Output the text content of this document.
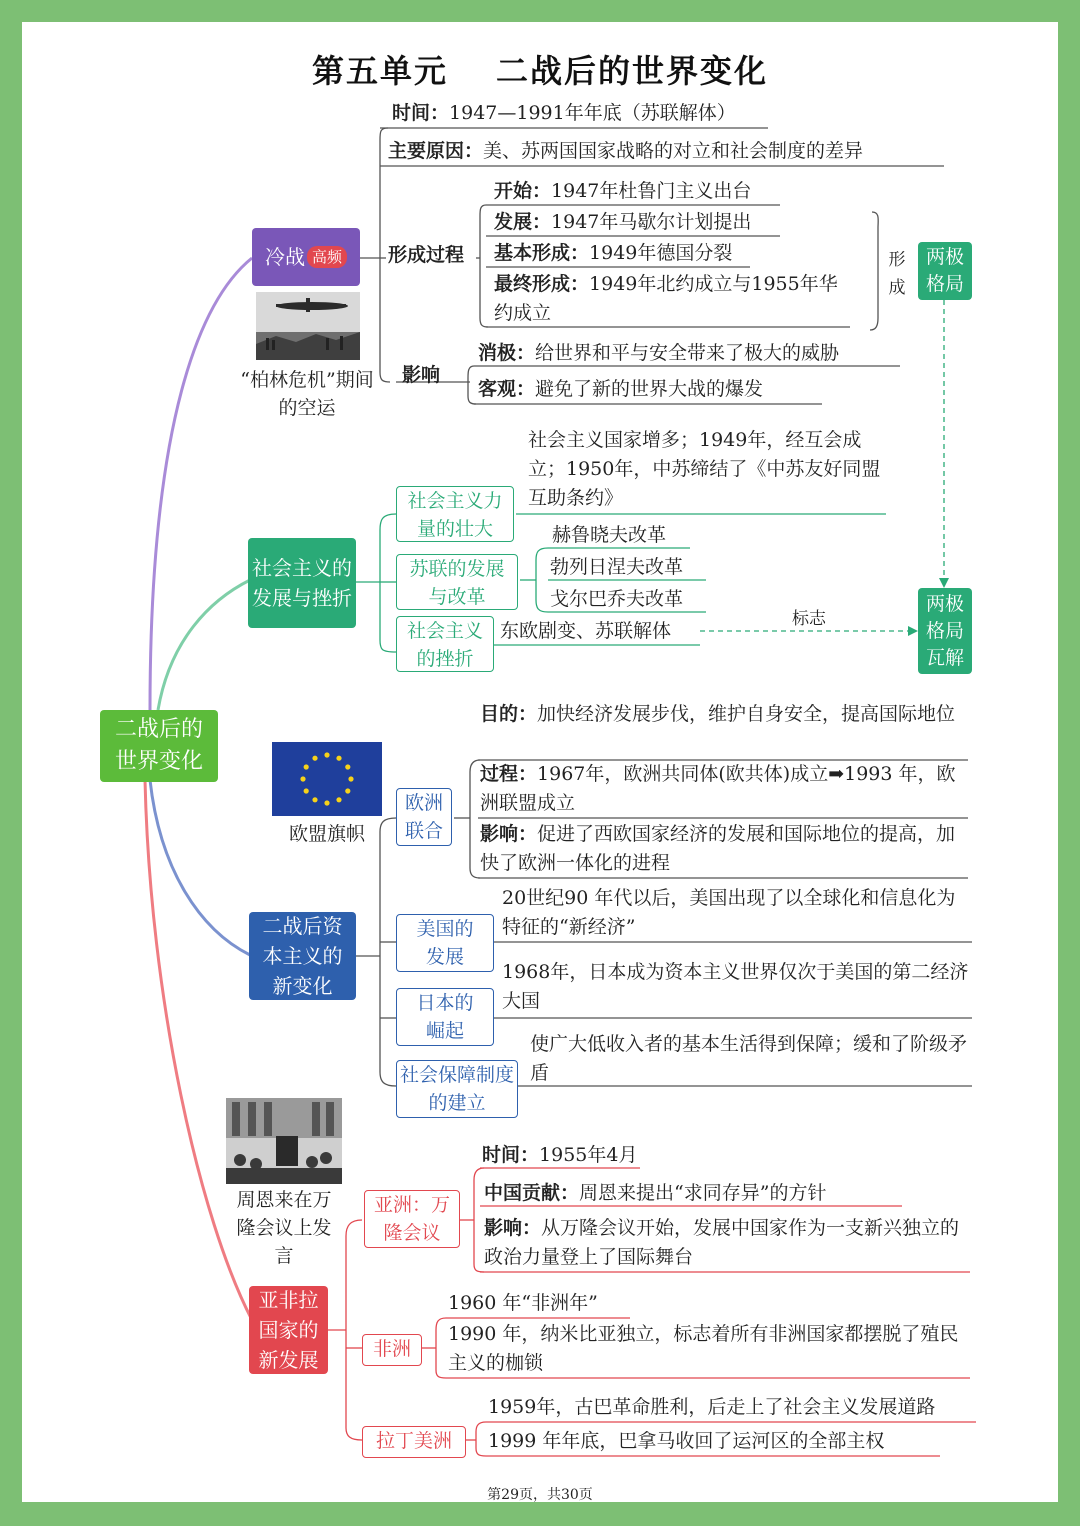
第五单元 二战后的世界变化
二战后的世界变化
冷战 高频
“柏林危机”期间的空运
时间：1947—1991年年底（苏联解体）
主要原因：美、苏两国国家战略的对立和社会制度的差异
形成过程
开始：1947年杜鲁门主义出台
发展：1947年马歇尔计划提出
基本形成：1949年德国分裂
最终形成：1949年北约成立与1955年华约成立
形成
两极格局
影响
消极：给世界和平与安全带来了极大的威胁
客观：避免了新的世界大战的爆发
社会主义的发展与挫折
社会主义力量的壮大
社会主义国家增多；1949年，经互会成立；1950年，中苏缔结了《中苏友好同盟互助条约》
苏联的发展与改革
赫鲁晓夫改革
勃列日涅夫改革
戈尔巴乔夫改革
社会主义的挫折
东欧剧变、苏联解体
标志
两极格局瓦解
欧盟旗帜
二战后资本主义的新变化
欧洲联合
目的：加快经济发展步伐，维护自身安全，提高国际地位
过程：1967年，欧洲共同体(欧共体)成立➡1993 年，欧洲联盟成立
影响：促进了西欧国家经济的发展和国际地位的提高，加快了欧洲一体化的进程
美国的发展
20世纪90 年代以后，美国出现了以全球化和信息化为特征的“新经济”
日本的崛起
1968年，日本成为资本主义世界仅次于美国的第二经济大国
社会保障制度的建立
使广大低收入者的基本生活得到保障；缓和了阶级矛盾
周恩来在万隆会议上发言
亚非拉国家的新发展
亚洲：万隆会议
时间：1955年4月
中国贡献：周恩来提出“求同存异”的方针
影响：从万隆会议开始，发展中国家作为一支新兴独立的政治力量登上了国际舞台
非洲
1960 年“非洲年”
1990 年，纳米比亚独立，标志着所有非洲国家都摆脱了殖民主义的枷锁
拉丁美洲
1959年，古巴革命胜利，后走上了社会主义发展道路
1999 年年底，巴拿马收回了运河区的全部主权
第29页，共30页
